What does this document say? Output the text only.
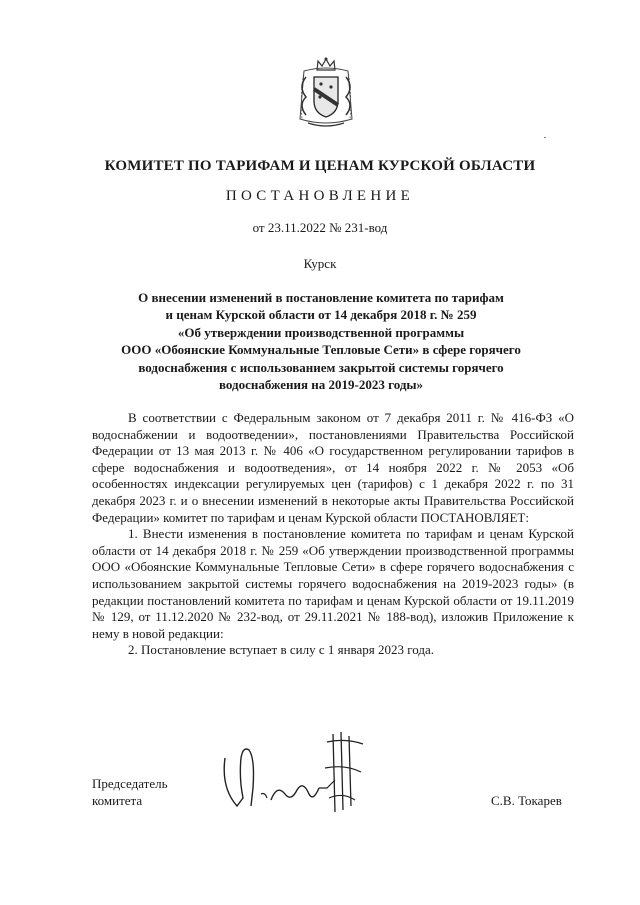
КОМИТЕТ ПО ТАРИФАМ И ЦЕНАМ КУРСКОЙ ОБЛАСТИ
ПОСТАНОВЛЕНИЕ
от 23.11.2022 № 231-вод
Курск
О внесении изменений в постановление комитета по тарифам
и ценам Курской области от 14 декабря 2018 г. № 259
«Об утверждении производственной программы
ООО «Обоянские Коммунальные Тепловые Сети» в сфере горячего
водоснабжения с использованием закрытой системы горячего
водоснабжения на 2019-2023 годы»

В соответствии с Федеральным законом от 7 декабря 2011 г. № 416-ФЗ «О водоснабжении и водоотведении», постановлениями Правительства Российской Федерации от 13 мая 2013 г. № 406 «О государственном регулировании тарифов в сфере водоснабжения и водоотведения», от 14 ноября 2022 г. № 2053 «Об особенностях индексации регулируемых цен (тарифов) с 1 декабря 2022 г. по 31 декабря 2023 г. и о внесении изменений в некоторые акты Правительства Российской Федерации» комитет по тарифам и ценам Курской области ПОСТАНОВЛЯЕТ:

1. Внести изменения в постановление комитета по тарифам и ценам Курской области от 14 декабря 2018 г. № 259 «Об утверждении производственной программы ООО «Обоянские Коммунальные Тепловые Сети» в сфере горячего водоснабжения с использованием закрытой системы горячего водоснабжения на 2019-2023 годы» (в редакции постановлений комитета по тарифам и ценам Курской области от 19.11.2019 № 129, от 11.12.2020 № 232-вод, от 29.11.2021 № 188-вод), изложив Приложение к нему в новой редакции:

2. Постановление вступает в силу с 1 января 2023 года.

Председатель
комитета	С.В. Токарев
